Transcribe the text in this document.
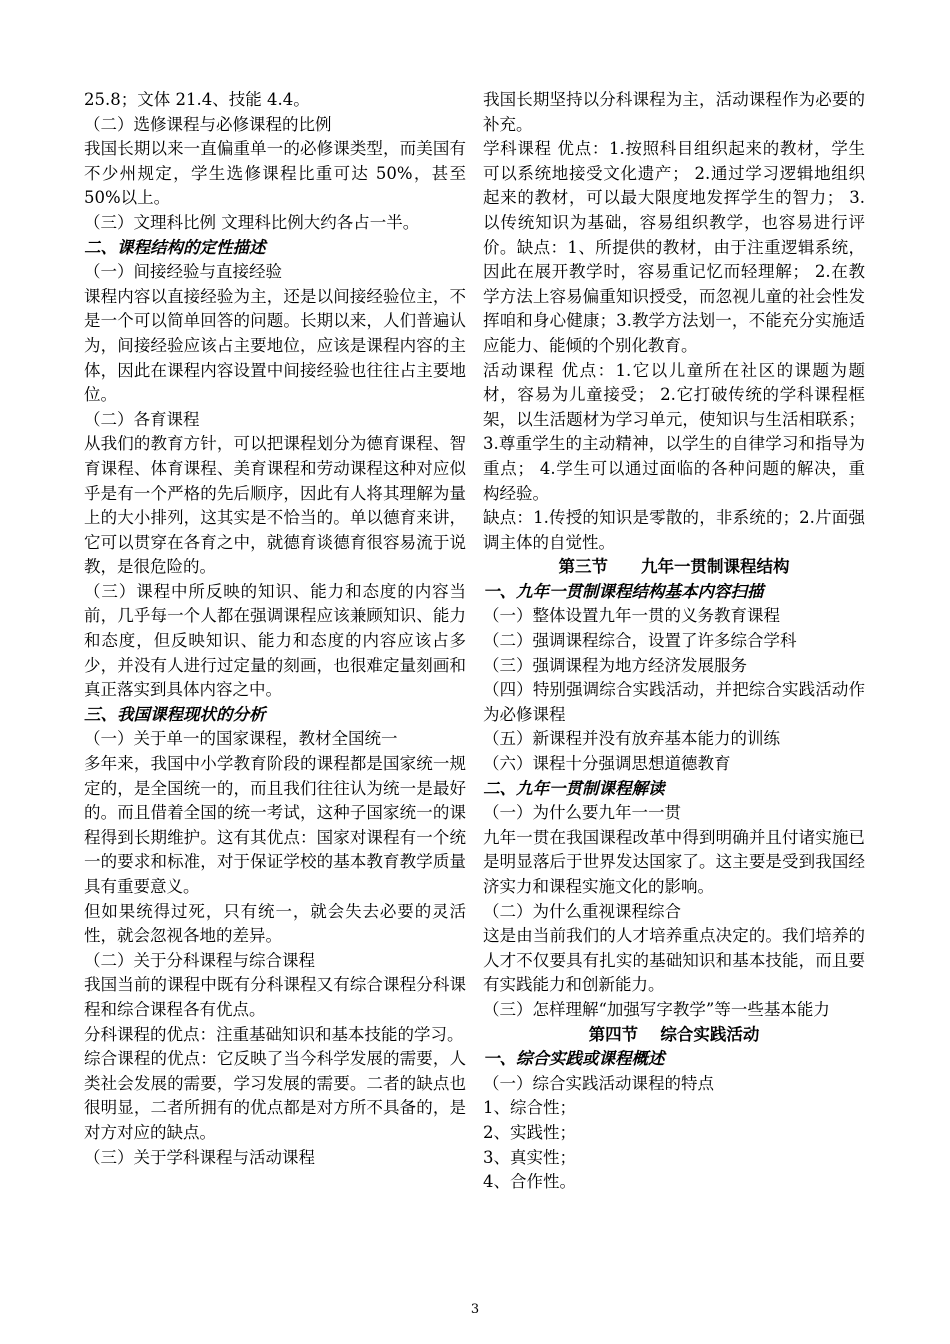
25.8；文体 21.4、技能 4.4。

（二）选修课程与必修课程的比例

我国长期以来一直偏重单一的必修课类型，而美国有不少州规定，学生选修课程比重可达 50%，甚至 50%以上。

（三）文理科比例 文理科比例大约各占一半。

二、课程结构的定性描述

（一）间接经验与直接经验

课程内容以直接经验为主，还是以间接经验位主，不是一个可以简单回答的问题。长期以来，人们普遍认为，间接经验应该占主要地位，应该是课程内容的主体，因此在课程内容设置中间接经验也往往占主要地位。

（二）各育课程

从我们的教育方针，可以把课程划分为德育课程、智育课程、体育课程、美育课程和劳动课程这种对应似乎是有一个严格的先后顺序，因此有人将其理解为量上的大小排列，这其实是不恰当的。单以德育来讲，它可以贯穿在各育之中，就德育谈德育很容易流于说教，是很危险的。

（三）课程中所反映的知识、能力和态度的内容当前，几乎每一个人都在强调课程应该兼顾知识、能力和态度，但反映知识、能力和态度的内容应该占多少，并没有人进行过定量的刻画，也很难定量刻画和真正落实到具体内容之中。

三、我国课程现状的分析

（一）关于单一的国家课程，教材全国统一

多年来，我国中小学教育阶段的课程都是国家统一规定的，是全国统一的，而且我们往往认为统一是最好的。而且借着全国的统一考试，这种子国家统一的课程得到长期维护。这有其优点：国家对课程有一个统一的要求和标准，对于保证学校的基本教育教学质量具有重要意义。

但如果统得过死，只有统一，就会失去必要的灵活性，就会忽视各地的差异。

（二）关于分科课程与综合课程

我国当前的课程中既有分科课程又有综合课程分科课程和综合课程各有优点。

分科课程的优点：注重基础知识和基本技能的学习。

综合课程的优点：它反映了当今科学发展的需要，人类社会发展的需要，学习发展的需要。二者的缺点也很明显，二者所拥有的优点都是对方所不具备的，是对方对应的缺点。

（三）关于学科课程与活动课程

我国长期坚持以分科课程为主，活动课程作为必要的补充。

学科课程 优点：1.按照科目组织起来的教材，学生可以系统地接受文化遗产； 2.通过学习逻辑地组织起来的教材，可以最大限度地发挥学生的智力； 3.以传统知识为基础，容易组织教学，也容易进行评价。缺点：1、所提供的教材，由于注重逻辑系统，因此在展开教学时，容易重记忆而轻理解； 2.在教学方法上容易偏重知识授受，而忽视儿童的社会性发挥咱和身心健康；3.教学方法划一，不能充分实施适应能力、能倾的个别化教育。

活动课程 优点：1.它以儿童所在社区的课题为题材，容易为儿童接受； 2.它打破传统的学科课程框架，以生活题材为学习单元，使知识与生活相联系； 3.尊重学生的主动精神，以学生的自律学习和指导为重点； 4.学生可以通过面临的各种问题的解决，重构经验。

缺点：1.传授的知识是零散的，非系统的；2.片面强调主体的自觉性。

第三节　　九年一贯制课程结构

一、九年一贯制课程结构基本内容扫描

（一）整体设置九年一贯的义务教育课程

（二）强调课程综合，设置了许多综合学科

（三）强调课程为地方经济发展服务

（四）特别强调综合实践活动，并把综合实践活动作为必修课程

（五）新课程并没有放弃基本能力的训练

（六）课程十分强调思想道德教育

二、九年一贯制课程解读

（一）为什么要九年一一贯

九年一贯在我国课程改革中得到明确并且付诸实施已是明显落后于世界发达国家了。这主要是受到我国经济实力和课程实施文化的影响。

（二）为什么重视课程综合

这是由当前我们的人才培养重点决定的。我们培养的人才不仅要具有扎实的基础知识和基本技能，而且要有实践能力和创新能力。

（三）怎样理解“加强写字教学”等一些基本能力

第四节　 综合实践活动

一、综合实践或课程概述

（一）综合实践活动课程的特点

1、综合性；

2、实践性；

3、真实性；

4、合作性。

3
